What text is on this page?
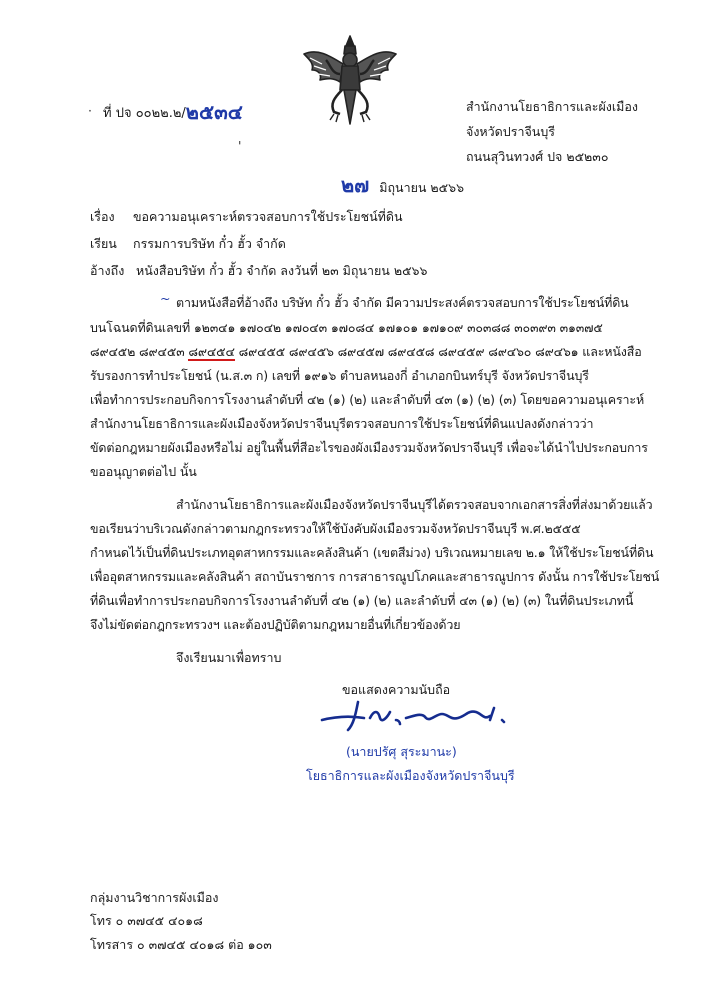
·
'
ที่ ปจ ๐๐๒๒.๒/๒๕๓๔	สำนักงานโยธาธิการและผังเมือง
จังหวัดปราจีนบุรี
ถนนสุวินทวงศ์ ปจ ๒๕๒๓๐
๒๗ มิถุนายน ๒๕๖๖
เรื่อง ขอความอนุเคราะห์ตรวจสอบการใช้ประโยชน์ที่ดิน
เรียน กรรมการบริษัท กั๋ว ฮั้ว จำกัด
อ้างถึง หนังสือบริษัท กั๋ว ฮั้ว จำกัด ลงวันที่ ๒๓ มิถุนายน ๒๕๖๖
~ ตามหนังสือที่อ้างถึง บริษัท กั๋ว ฮั้ว จำกัด มีความประสงค์ตรวจสอบการใช้ประโยชน์ที่ดิน
บนโฉนดที่ดินเลขที่ ๑๒๓๔๑ ๑๗๐๔๒ ๑๗๐๔๓ ๑๗๐๘๔ ๑๗๑๐๑ ๑๗๑๐๙ ๓๐๓๘๘ ๓๐๓๙๓ ๓๑๓๗๕
๘๙๔๕๒ ๘๙๔๕๓ ๘๙๔๕๔ ๘๙๔๕๕ ๘๙๔๕๖ ๘๙๔๕๗ ๘๙๔๕๘ ๘๙๔๕๙ ๘๙๔๖๐ ๘๙๔๖๑ และหนังสือ
รับรองการทำประโยชน์ (น.ส.๓ ก) เลขที่ ๑๙๑๖ ตำบลหนองกี่ อำเภอกบินทร์บุรี จังหวัดปราจีนบุรี
เพื่อทำการประกอบกิจการโรงงานลำดับที่ ๔๒ (๑) (๒) และลำดับที่ ๔๓ (๑) (๒) (๓) โดยขอความอนุเคราะห์
สำนักงานโยธาธิการและผังเมืองจังหวัดปราจีนบุรีตรวจสอบการใช้ประโยชน์ที่ดินแปลงดังกล่าวว่า
ขัดต่อกฎหมายผังเมืองหรือไม่ อยู่ในพื้นที่สีอะไรของผังเมืองรวมจังหวัดปราจีนบุรี เพื่อจะได้นำไปประกอบการ
ขออนุญาตต่อไป นั้น
สำนักงานโยธาธิการและผังเมืองจังหวัดปราจีนบุรีได้ตรวจสอบจากเอกสารสิ่งที่ส่งมาด้วยแล้ว
ขอเรียนว่าบริเวณดังกล่าวตามกฎกระทรวงให้ใช้บังคับผังเมืองรวมจังหวัดปราจีนบุรี พ.ศ.๒๕๕๕
กำหนดไว้เป็นที่ดินประเภทอุตสาหกรรมและคลังสินค้า (เขตสีม่วง) บริเวณหมายเลข ๒.๑ ให้ใช้ประโยชน์ที่ดิน
เพื่ออุตสาหกรรมและคลังสินค้า สถาบันราชการ การสาธารณูปโภคและสาธารณูปการ ดังนั้น การใช้ประโยชน์
ที่ดินเพื่อทำการประกอบกิจการโรงงานลำดับที่ ๔๒ (๑) (๒) และลำดับที่ ๔๓ (๑) (๒) (๓) ในที่ดินประเภทนี้
จึงไม่ขัดต่อกฎกระทรวงฯ และต้องปฏิบัติตามกฎหมายอื่นที่เกี่ยวข้องด้วย
จึงเรียนมาเพื่อทราบ
ขอแสดงความนับถือ
(นายปรัศุ สุระมานะ)
โยธาธิการและผังเมืองจังหวัดปราจีนบุรี
กลุ่มงานวิชาการผังเมือง
โทร ๐ ๓๗๔๕ ๔๐๑๘
โทรสาร ๐ ๓๗๔๕ ๔๐๑๘ ต่อ ๑๐๓
